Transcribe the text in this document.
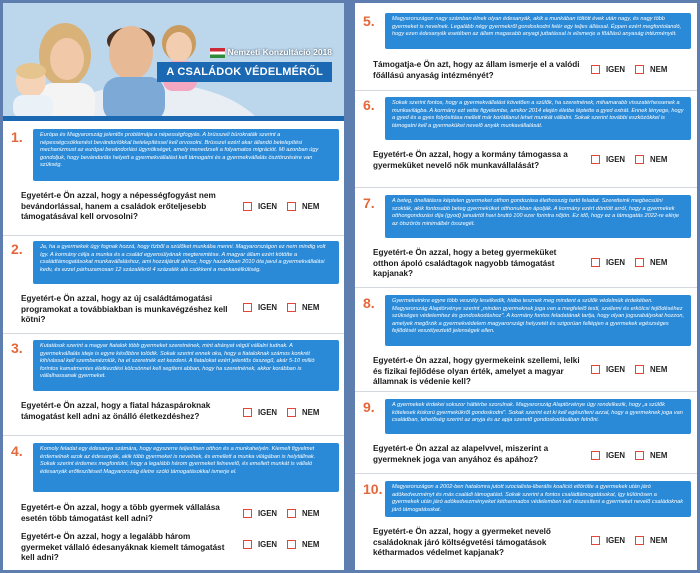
Nemzeti Konzultáció 2018
A CSALÁDOK VÉDELMÉRŐL
1.	Európa és Magyarország jelentős problémája a népességfogyás. A brüsszeli bürokraták szerint a népességcsökkenést bevándorlókkal betelepítéssel kell orvosolni. Brüsszel ezért akar állandó betelepítési mechanizmust az európai bevándorlási ügynökséget, amely menedzseli a folyamatos migrációt. Mi azonban úgy gondoljuk, hogy bevándorlás helyett a gyermekvállalást kell támogatni és a gyermekvállalás ösztönzésére van szükség.
Egyetért-e Ön azzal, hogy a népességfogyást nem bevándorlással, hanem a családok erőteljesebb támogatásával kell orvosolni?
IGEN	NEM
2.	Ja, ha a gyermekek úgy fognak hozzá, hogy tízből a szülőket munkába menni. Magyarországon ez nem mindig volt így. A kormány célja a munka és a család egyensúlyának megteremtése. A magyar állam ezért kötötte a családtámogatásokat munkavállaláshoz, ami hozzájárult ahhoz, hogy hazánkban 2010 óta javul a gyermekvállalási kedv, és ezzel párhuzamosan 12 százalékról 4 százalék alá csökkent a munkanélküliség.
Egyetért-e Ön azzal, hogy az új családtámogatási programokat a továbbiakban is munkavégzéshez kell kötni?
IGEN	NEM
3.	Kutatások szerint a magyar fiatalok több gyermeket szeretnének, mint ahányat végül vállalni tudnak. A gyermekvállalás ideje is egyre későbbre tolódik. Sokak szerint ennek oka, hogy a fiataloknak számos konkrét kihívással kell szembenézniük, ha el szeretnék ezt kezdeni. A fiatalokat ezért jelentős összegű, akár 5-10 millió forintos kamatmentes életkezdési kölcsönnel kell segíteni abban, hogy ha szeretnének, akkor korábban is vállalhassanak gyermeket.
Egyetért-e Ön azzal, hogy a fiatal házaspároknak támogatást kell adni az önálló életkezdéshez?	IGEN	NEM
4.	Komoly feladat egy édesanya számára, hogy egyszerre teljesítsen otthon és a munkahelyén. Kiemelt figyelmet érdemelnek azok az édesanyák, akik több gyermeket is nevelnek, és emellett a munka világában is helytállnak. Sokak szerint érdemes megfontolni, hogy a legalább három gyermeket felnevelő, és emellett munkát is vállaló édesanyák erőfeszítéseit Magyarország életre szóló támogatásokkal ismerje el.
Egyetért-e Ön azzal, hogy a több gyermek vállalása esetén több támogatást kell adni?	IGEN	NEM
Egyetért-e Ön azzal, hogy a legalább három gyermeket vállaló édesanyáknak kiemelt támogatást kell adni?
IGEN	NEM
5.	Magyarországon nagy számban élnek olyan édesanyák, akik a munkában töltött évek után nagy, és nagy több gyermeket is nevelnek. Legalább négy gyermekről gondoskodni felér egy teljes állással. Éppen ezért megfontolandó, hogy ezen édesanyák esetében az állam magasabb anyagi juttatással is elismerje a főállású anyaság intézményét.
Támogatja-e Ön azt, hogy az állam ismerje el a valódi főállású anyaság intézményét?
IGEN	NEM
6.	Sokak szerint fontos, hogy a gyermekvállalást követően a szülők, ha szeretnének, mihamarabb visszatérhessenek a munkavilágba. A kormány ezt vette figyelembe, amikor 2014 elején életbe léptette a gyed extrát. Ennek lényege, hogy a gyed és a gyes folyósítása mellett már korlátlanul lehet munkát vállalni. Sokak szerint további eszközökkel is támogatni kell a gyermeküket nevelő anyák munkavállalását.
Egyetért-e Ön azzal, hogy a kormány támogassa a gyermeküket nevelő nők munkavállalását?
IGEN	NEM
7.	A beteg, önellátásra képtelen gyermeket otthon gondozása élethosszig tartó feladat. Szeretteink megbecsülni szokták, akik fontosabb beteg gyermeküket otthonukban ápolják. A kormány ezért döntött arról, hogy a gyermekek otthongondozási díja (gyod) januártól havi bruttó 100 ezer forintra nőjön. Ez idő, hogy ez a támogatás 2022-re elérje az ötszörös minimálbér összegét.
Egyetért-e Ön azzal, hogy a beteg gyermeküket otthon ápoló családtagok nagyobb támogatást kapjanak?
IGEN	NEM
8.	Gyermekeinkre egyre több veszély leselkedik, hiába tesznek meg mindent a szülők védelmük érdekében. Magyarország Alaptörvénye szerint „minden gyermeknek joga van a megfelelő testi, szellemi és erkölcsi fejlődéséhez szükséges védelemhez és gondoskodáshoz". A kormány fontos feladatának tartja, hogy olyan jogszabályokat hozzon, amelyek megőrzik a gyermekvédelem magyarországi helyzetét és szigorúan fellépjen a gyermekek egészséges fejlődését veszélyeztető jelenségek ellen.
Egyetért-e Ön azzal, hogy gyermekeink szellemi, lelki és fizikai fejlődése olyan érték, amelyet a magyar államnak is védenie kell?
IGEN	NEM
9.	A gyermekek érdekei sokszor háttérbe szorulnak. Magyarország Alaptörvénye úgy rendelkezik, hogy „a szülők kötelesek kiskorú gyermekükről gondoskodni". Sokak szerint ezt ki kell egészíteni azzal, hogy a gyermeknek joga van családban, lehetőség szerint az anyja és az apja szerető gondoskodásában felnőni.
Egyetért-e Ön azzal az alapelvvel, miszerint a gyermeknek joga van anyához és apához?	IGEN	NEM
10.	Magyarországon a 2002-ben hatalomra jutott szocialista-liberális koalíció eltörölte a gyermekek után járó adókedvezményt és más családi támogatást. Sokak szerint a fontos családtámogatásokat, így különösen a gyermekek után járó adókedvezményeket kétharmados védelemben kell részesíteni a gyermeket nevelő családoknak járó támogatásokat.
Egyetért-e Ön azzal, hogy a gyermeket nevelő családoknak járó költségvetési támogatások kétharmados védelmet kapjanak?
IGEN	NEM
